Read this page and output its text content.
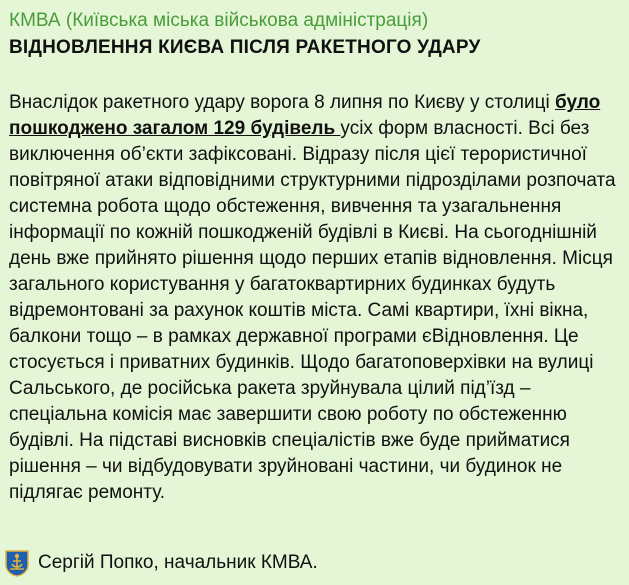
КМВА (Київська міська військова адміністрація)
ВІДНОВЛЕННЯ КИЄВА ПІСЛЯ РАКЕТНОГО УДАРУ

Внаслідок ракетного удару ворога 8 липня по Києву у столиці було пошкоджено загалом 129 будівель усіх форм власності. Всі без виключення об’єкти зафіксовані. Відразу після цієї терористичної повітряної атаки відповідними структурними підрозділами розпочата системна робота щодо обстеження, вивчення та узагальнення інформації по кожній пошкодженій будівлі в Києві. На сьогоднішній день вже прийнято рішення щодо перших етапів відновлення. Місця загального користування у багатоквартирних будинках будуть відремонтовані за рахунок коштів міста. Самі квартири, їхні вікна, балкони тощо – в рамках державної програми єВідновлення. Це стосується і приватних будинків. Щодо багатоповерхівки на вулиці Сальського, де російська ракета зруйнувала цілий під’їзд – спеціальна комісія має завершити свою роботу по обстеженню будівлі. На підставі висновків спеціалістів вже буде прийматися рішення – чи відбудовувати зруйновані частини, чи будинок не підлягає ремонту.

Сергій Попко, начальник КМВА.
